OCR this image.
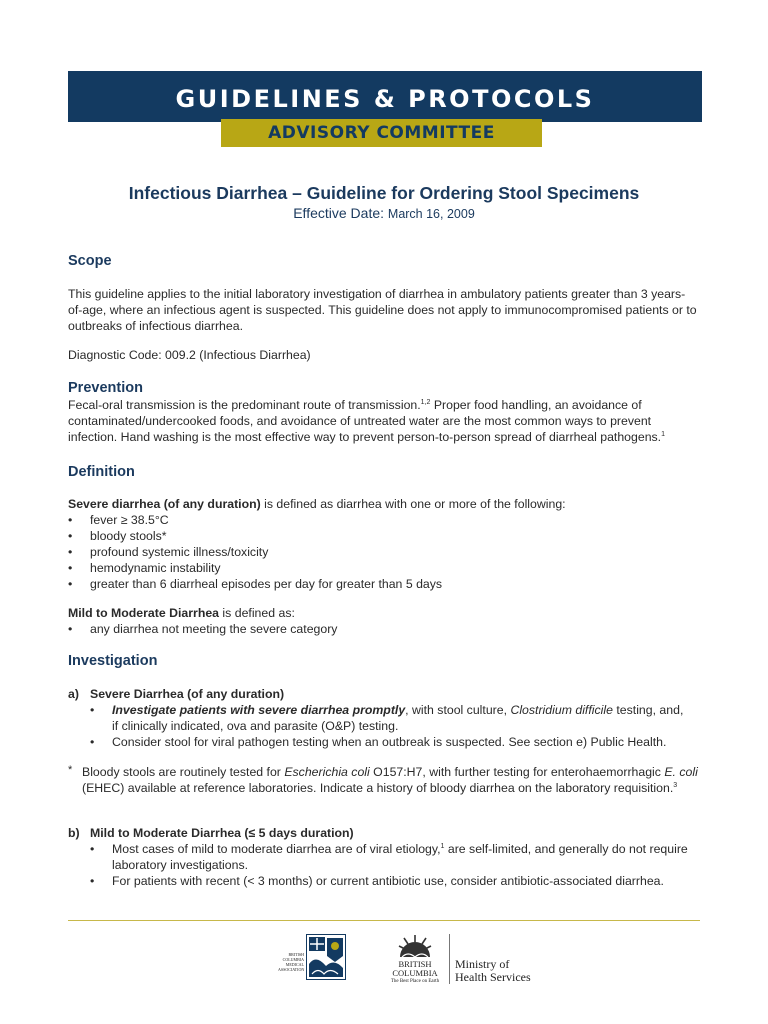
GUIDELINES & PROTOCOLS
ADVISORY COMMITTEE
Infectious Diarrhea – Guideline for Ordering Stool Specimens
Effective Date: March 16, 2009
Scope
This guideline applies to the initial laboratory investigation of diarrhea in ambulatory patients greater than 3 years-of-age, where an infectious agent is suspected. This guideline does not apply to immunocompromised patients or to outbreaks of infectious diarrhea.
Diagnostic Code: 009.2 (Infectious Diarrhea)
Prevention
Fecal-oral transmission is the predominant route of transmission.$^{1,2}$ Proper food handling, an avoidance of contaminated/undercooked foods, and avoidance of untreated water are the most common ways to prevent infection. Hand washing is the most effective way to prevent person-to-person spread of diarrheal pathogens.$^1$
Definition
Severe diarrhea (of any duration) is defined as diarrhea with one or more of the following:
• fever ≥ 38.5°C
• bloody stools*
• profound systemic illness/toxicity
• hemodynamic instability
• greater than 6 diarrheal episodes per day for greater than 5 days
Mild to Moderate Diarrhea is defined as:
• any diarrhea not meeting the severe category
Investigation
a) Severe Diarrhea (of any duration)
• Investigate patients with severe diarrhea promptly, with stool culture, Clostridium difficile testing, and, if clinically indicated, ova and parasite (O&P) testing.
• Consider stool for viral pathogen testing when an outbreak is suspected. See section e) Public Health.
* Bloody stools are routinely tested for Escherichia coli O157:H7, with further testing for enterohaemorrhagic E. coli (EHEC) available at reference laboratories. Indicate a history of bloody diarrhea on the laboratory requisition.$^3$
b) Mild to Moderate Diarrhea (≤ 5 days duration)
• Most cases of mild to moderate diarrhea are of viral etiology,$^1$ are self-limited, and generally do not require laboratory investigations.
• For patients with recent (< 3 months) or current antibiotic use, consider antibiotic-associated diarrhea.
BRITISH
COLUMBIA
MEDICAL
ASSOCIATION
BRITISH COLUMBIA
The Best Place on Earth
Ministry of
Health Services
